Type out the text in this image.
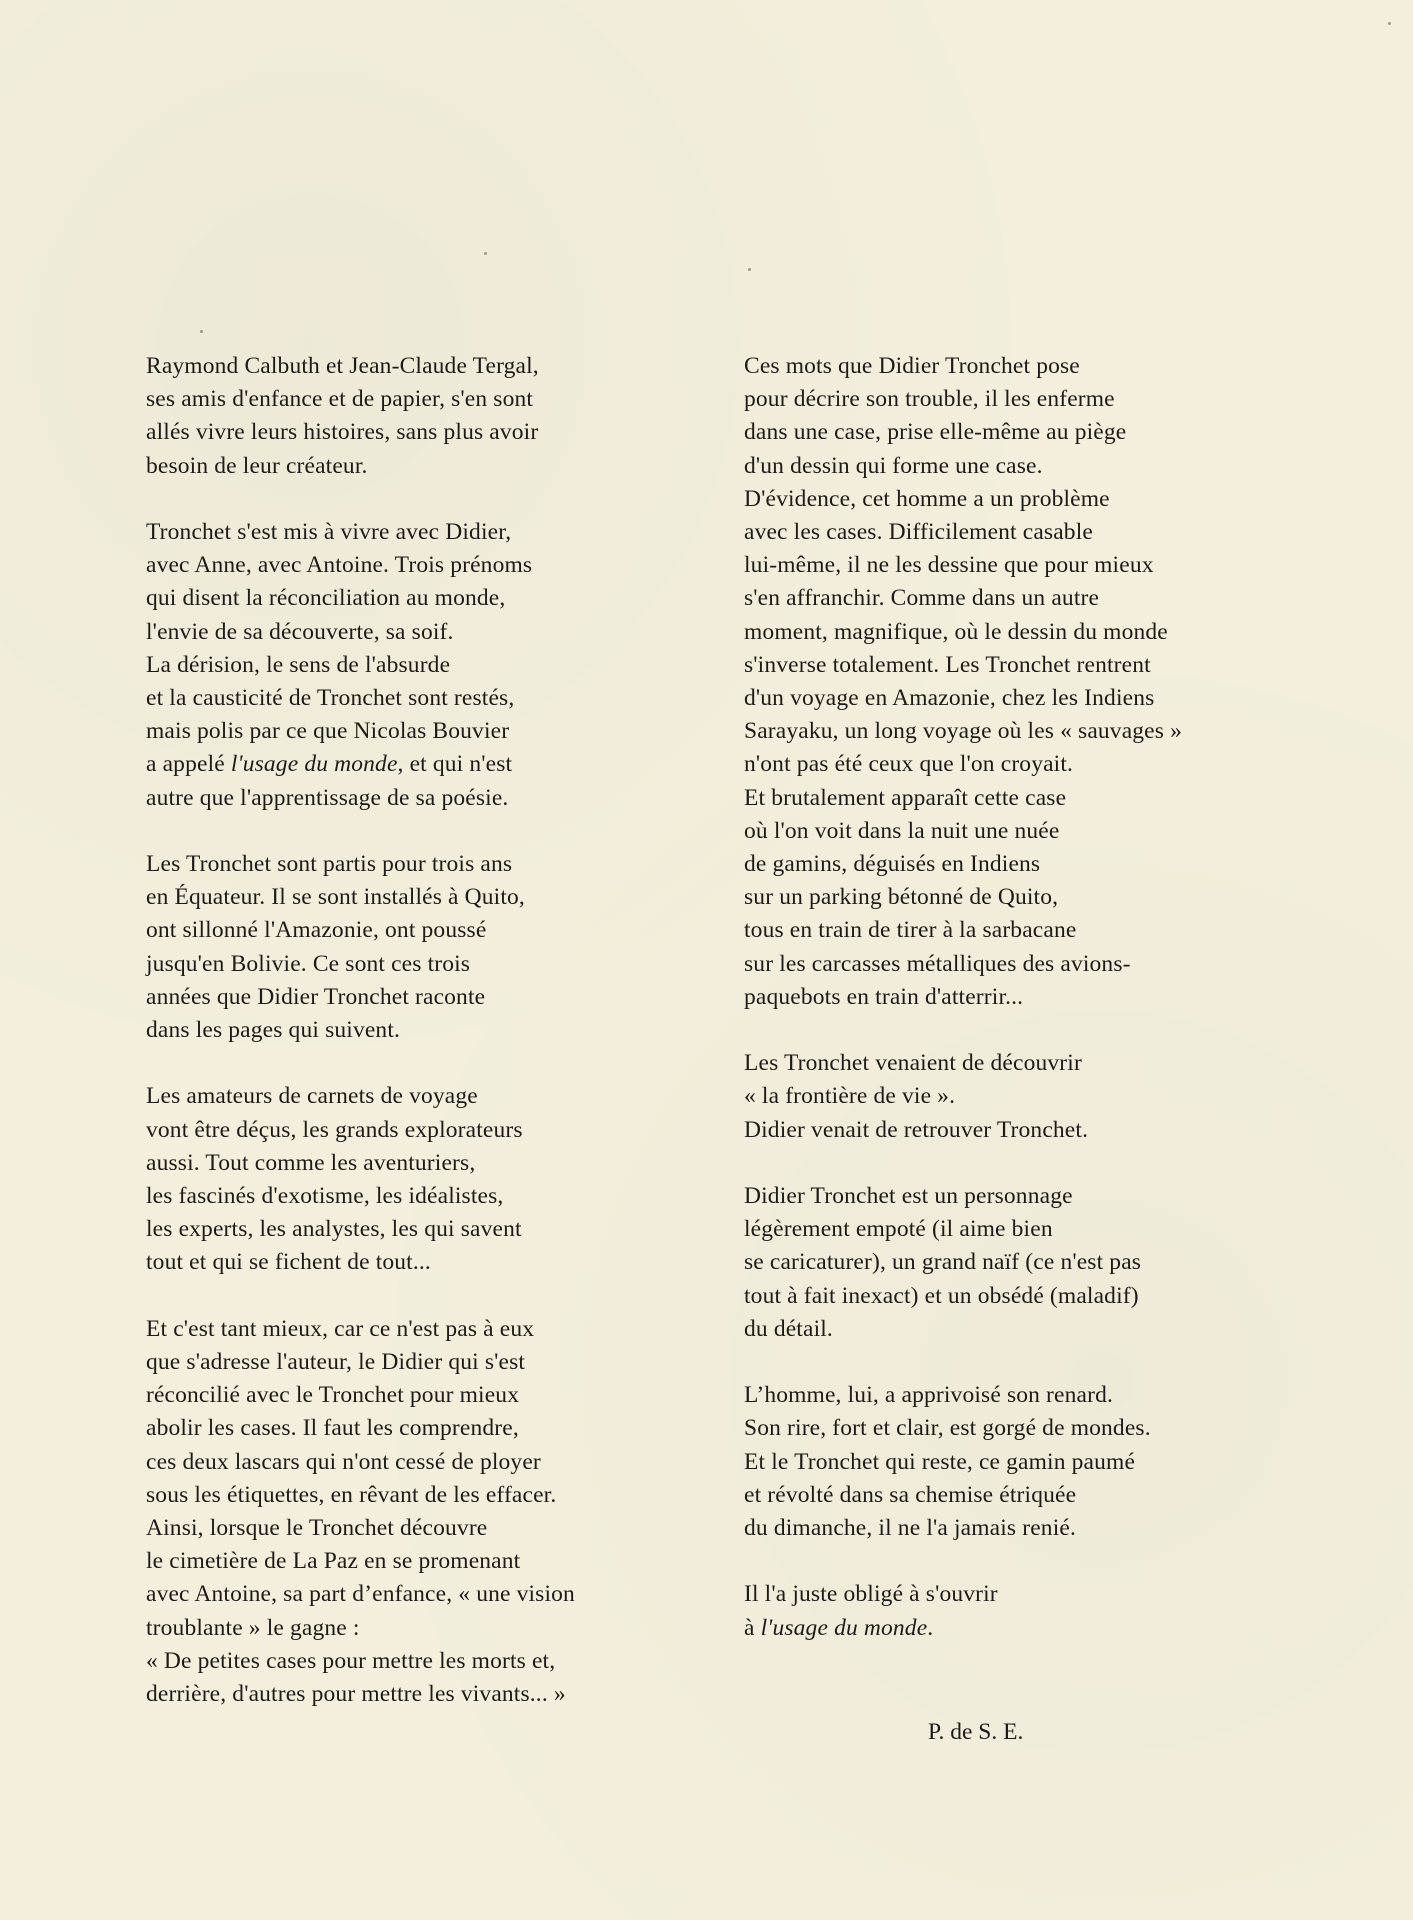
Raymond Calbuth et Jean-Claude Tergal,
ses amis d'enfance et de papier, s'en sont
allés vivre leurs histoires, sans plus avoir
besoin de leur créateur.

Tronchet s'est mis à vivre avec Didier,
avec Anne, avec Antoine. Trois prénoms
qui disent la réconciliation au monde,
l'envie de sa découverte, sa soif.
La dérision, le sens de l'absurde
et la causticité de Tronchet sont restés,
mais polis par ce que Nicolas Bouvier
a appelé l'usage du monde, et qui n'est
autre que l'apprentissage de sa poésie.

Les Tronchet sont partis pour trois ans
en Équateur. Il se sont installés à Quito,
ont sillonné l'Amazonie, ont poussé
jusqu'en Bolivie. Ce sont ces trois
années que Didier Tronchet raconte
dans les pages qui suivent.

Les amateurs de carnets de voyage
vont être déçus, les grands explorateurs
aussi. Tout comme les aventuriers,
les fascinés d'exotisme, les idéalistes,
les experts, les analystes, les qui savent
tout et qui se fichent de tout...

Et c'est tant mieux, car ce n'est pas à eux
que s'adresse l'auteur, le Didier qui s'est
réconcilié avec le Tronchet pour mieux
abolir les cases. Il faut les comprendre,
ces deux lascars qui n'ont cessé de ployer
sous les étiquettes, en rêvant de les effacer.
Ainsi, lorsque le Tronchet découvre
le cimetière de La Paz en se promenant
avec Antoine, sa part d’enfance, « une vision
troublante » le gagne :
« De petites cases pour mettre les morts et,
derrière, d'autres pour mettre les vivants... »

Ces mots que Didier Tronchet pose
pour décrire son trouble, il les enferme
dans une case, prise elle-même au piège
d'un dessin qui forme une case.
D'évidence, cet homme a un problème
avec les cases. Difficilement casable
lui-même, il ne les dessine que pour mieux
s'en affranchir. Comme dans un autre
moment, magnifique, où le dessin du monde
s'inverse totalement. Les Tronchet rentrent
d'un voyage en Amazonie, chez les Indiens
Sarayaku, un long voyage où les « sauvages »
n'ont pas été ceux que l'on croyait.
Et brutalement apparaît cette case
où l'on voit dans la nuit une nuée
de gamins, déguisés en Indiens
sur un parking bétonné de Quito,
tous en train de tirer à la sarbacane
sur les carcasses métalliques des avions-
paquebots en train d'atterrir...

Les Tronchet venaient de découvrir
« la frontière de vie ».
Didier venait de retrouver Tronchet.

Didier Tronchet est un personnage
légèrement empoté (il aime bien
se caricaturer), un grand naïf (ce n'est pas
tout à fait inexact) et un obsédé (maladif)
du détail.

L’homme, lui, a apprivoisé son renard.
Son rire, fort et clair, est gorgé de mondes.
Et le Tronchet qui reste, ce gamin paumé
et révolté dans sa chemise étriquée
du dimanche, il ne l'a jamais renié.

Il l'a juste obligé à s'ouvrir
à l'usage du monde.

P. de S. E.
